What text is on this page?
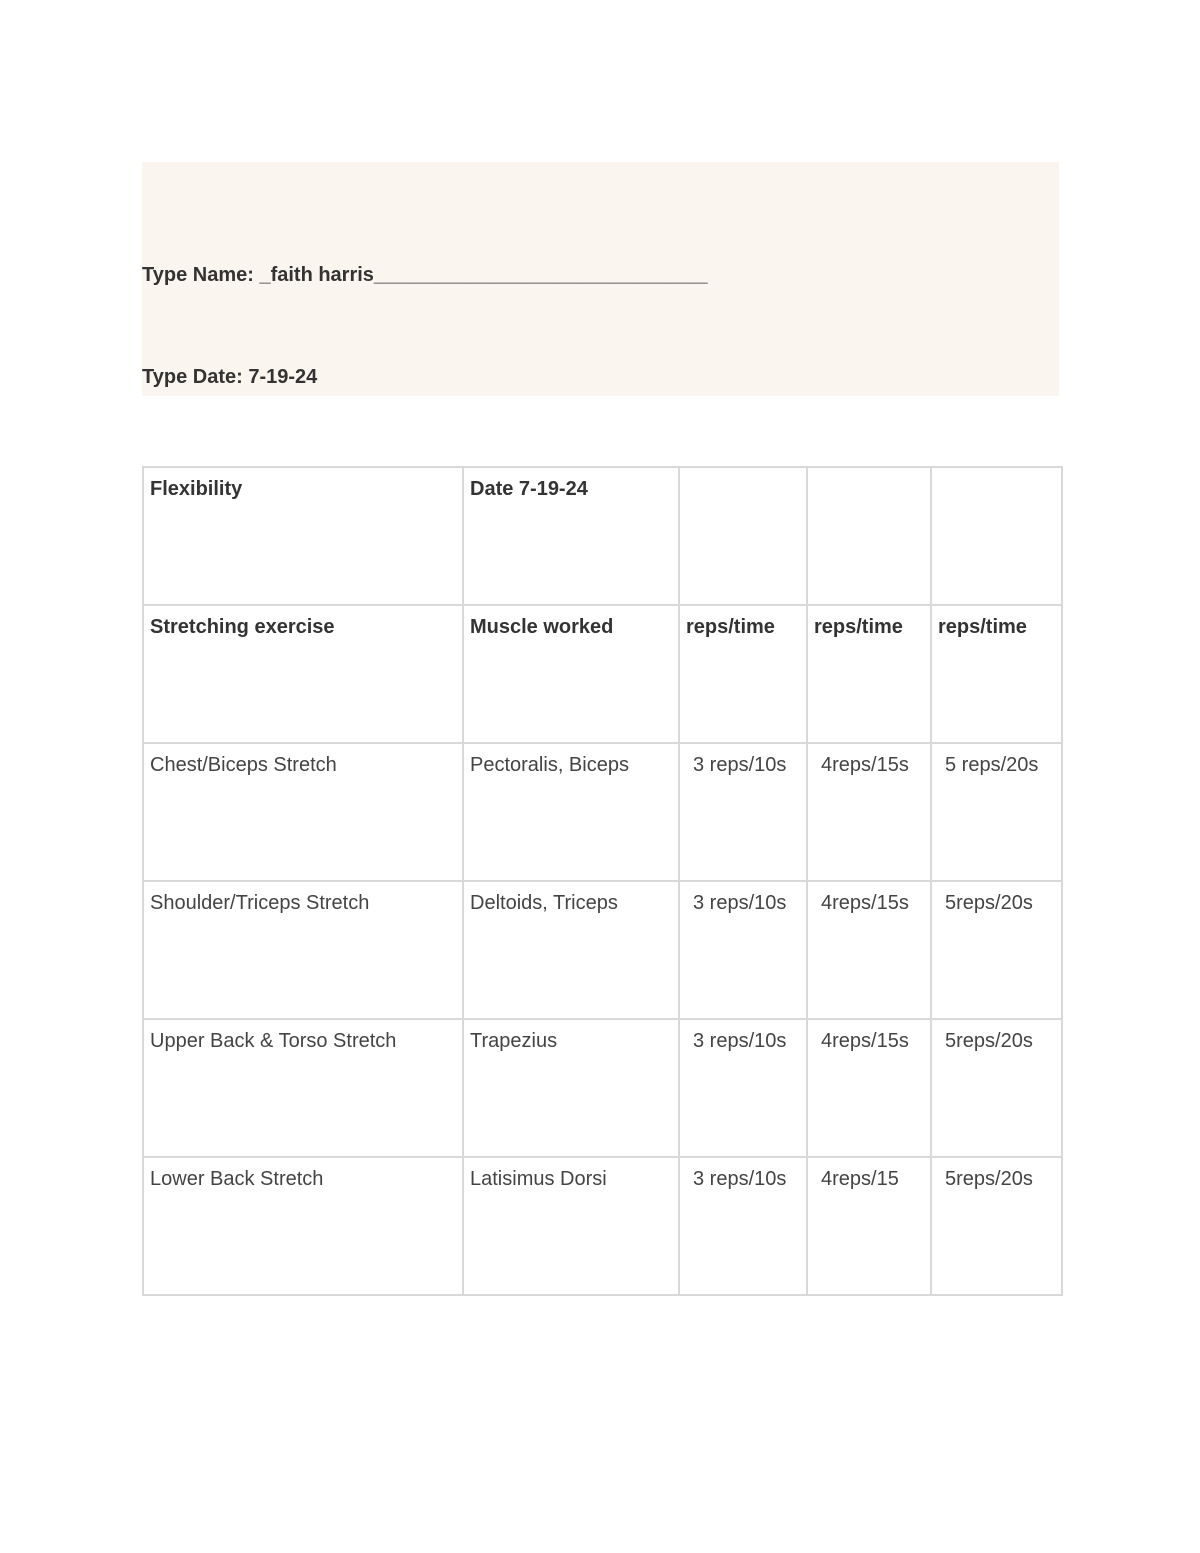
Type Name: _faith harris______________________________

Type Date: 7-19-24

Flexibility	Date 7-19-24			
Stretching exercise	Muscle worked	reps/time	reps/time	reps/time
Chest/Biceps Stretch	Pectoralis, Biceps	3 reps/10s	4reps/15s	5 reps/20s
Shoulder/Triceps Stretch	Deltoids, Triceps	3 reps/10s	4reps/15s	5reps/20s
Upper Back & Torso Stretch	Trapezius	3 reps/10s	4reps/15s	5reps/20s
Lower Back Stretch	Latisimus Dorsi	3 reps/10s	4reps/15	5reps/20s
